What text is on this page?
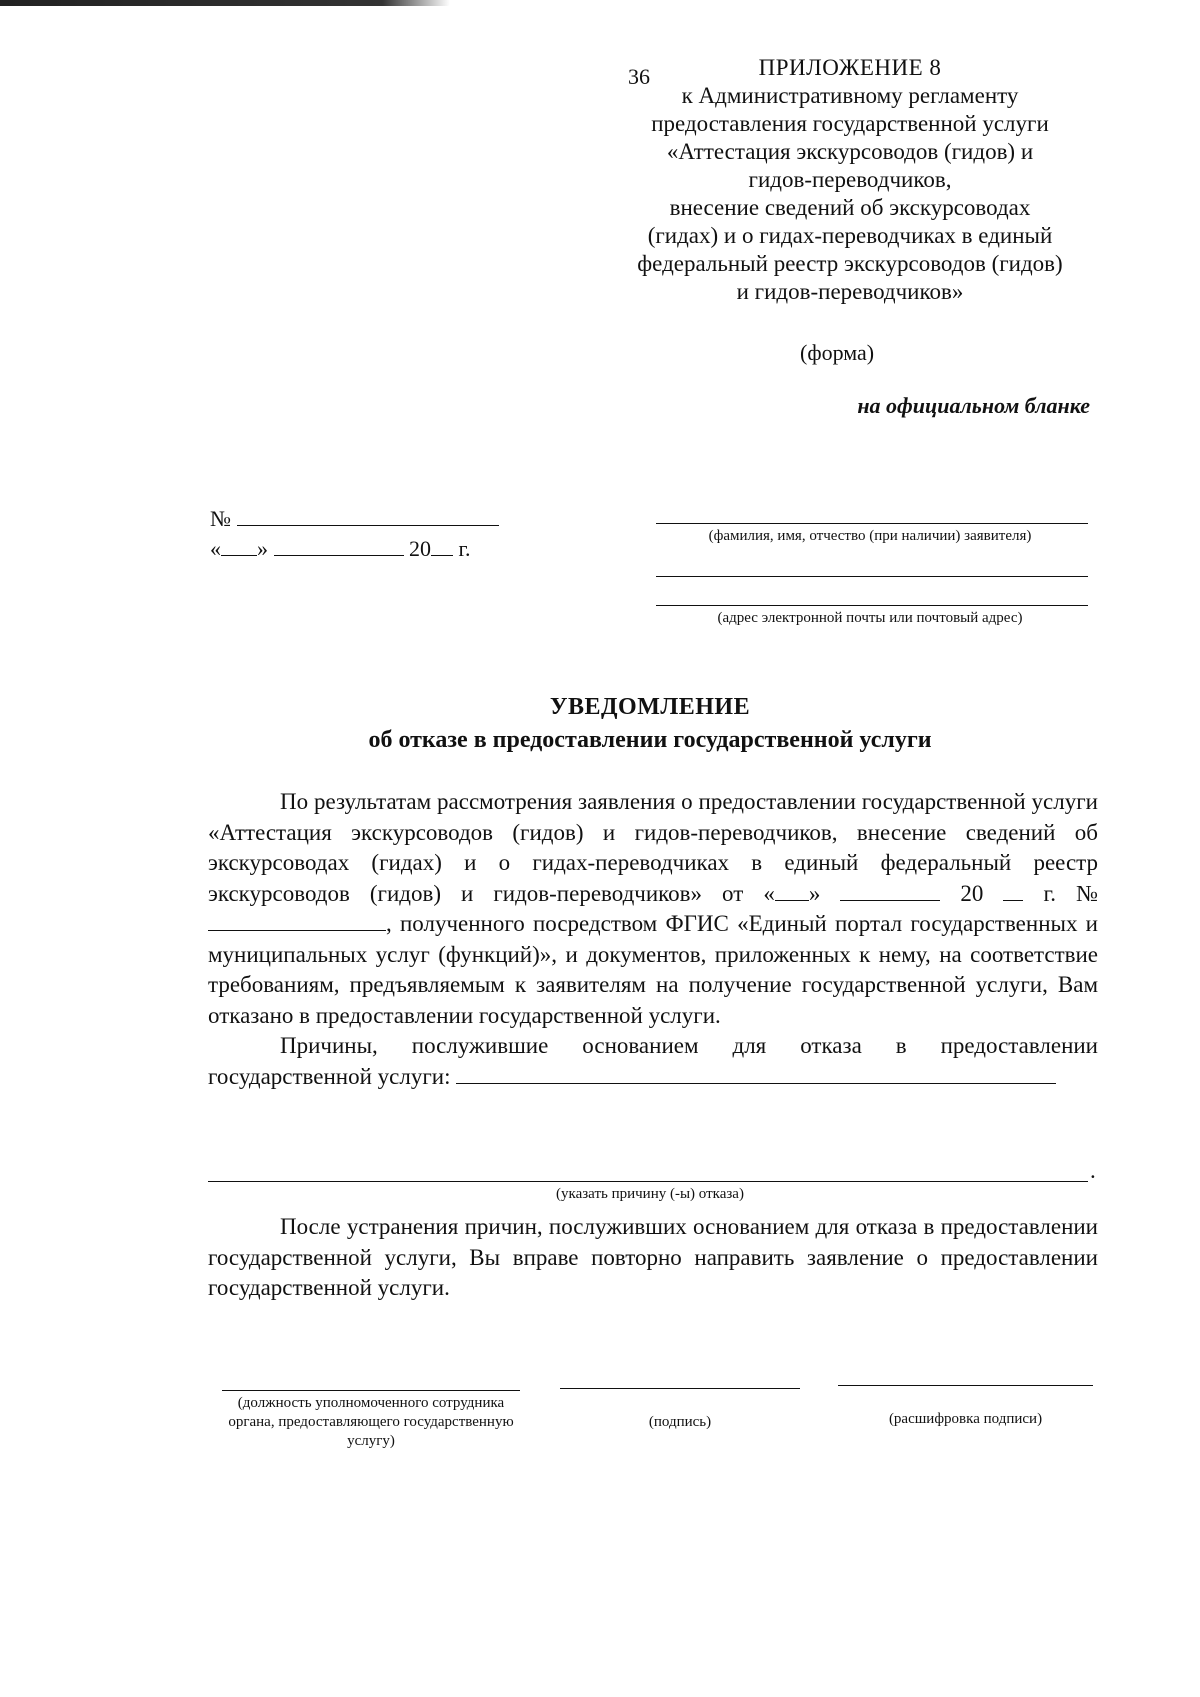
36	ПРИЛОЖЕНИЕ 8
к Административному регламенту
предоставления государственной услуги
«Аттестация экскурсоводов (гидов) и
гидов-переводчиков,
внесение сведений об экскурсоводах
(гидах) и о гидах-переводчиках в единый
федеральный реестр экскурсоводов (гидов)
и гидов-переводчиков»
(форма)
на официальном бланке
№
« »	20 г.	(фамилия, имя, отчество (при наличии) заявителя)
(адрес электронной почты или почтовый адрес)
УВЕДОМЛЕНИЕ
об отказе в предоставлении государственной услуги

По результатам рассмотрения заявления о предоставлении государственной услуги «Аттестация экскурсоводов (гидов) и гидов-переводчиков, внесение сведений об экскурсоводах (гидах) и о гидах-переводчиках в единый федеральный реестр экскурсоводов (гидов) и гидов-переводчиков» от « »	20	г. № , полученного посредством ФГИС «Единый портал государственных и муниципальных услуг (функций)», и документов, приложенных к нему, на соответствие требованиям, предъявляемым к заявителям на получение государственной услуги, Вам отказано в предоставлении государственной услуги.

Причины, послужившие основанием для отказа в предоставлении государственной услуги:

.
(указать причину (-ы) отказа)

После устранения причин, послуживших основанием для отказа в предоставлении государственной услуги, Вы вправе повторно направить заявление о предоставлении государственной услуги.

(должность уполномоченного сотрудника органа, предоставляющего государственную услугу)
(подпись)	(расшифровка подписи)
